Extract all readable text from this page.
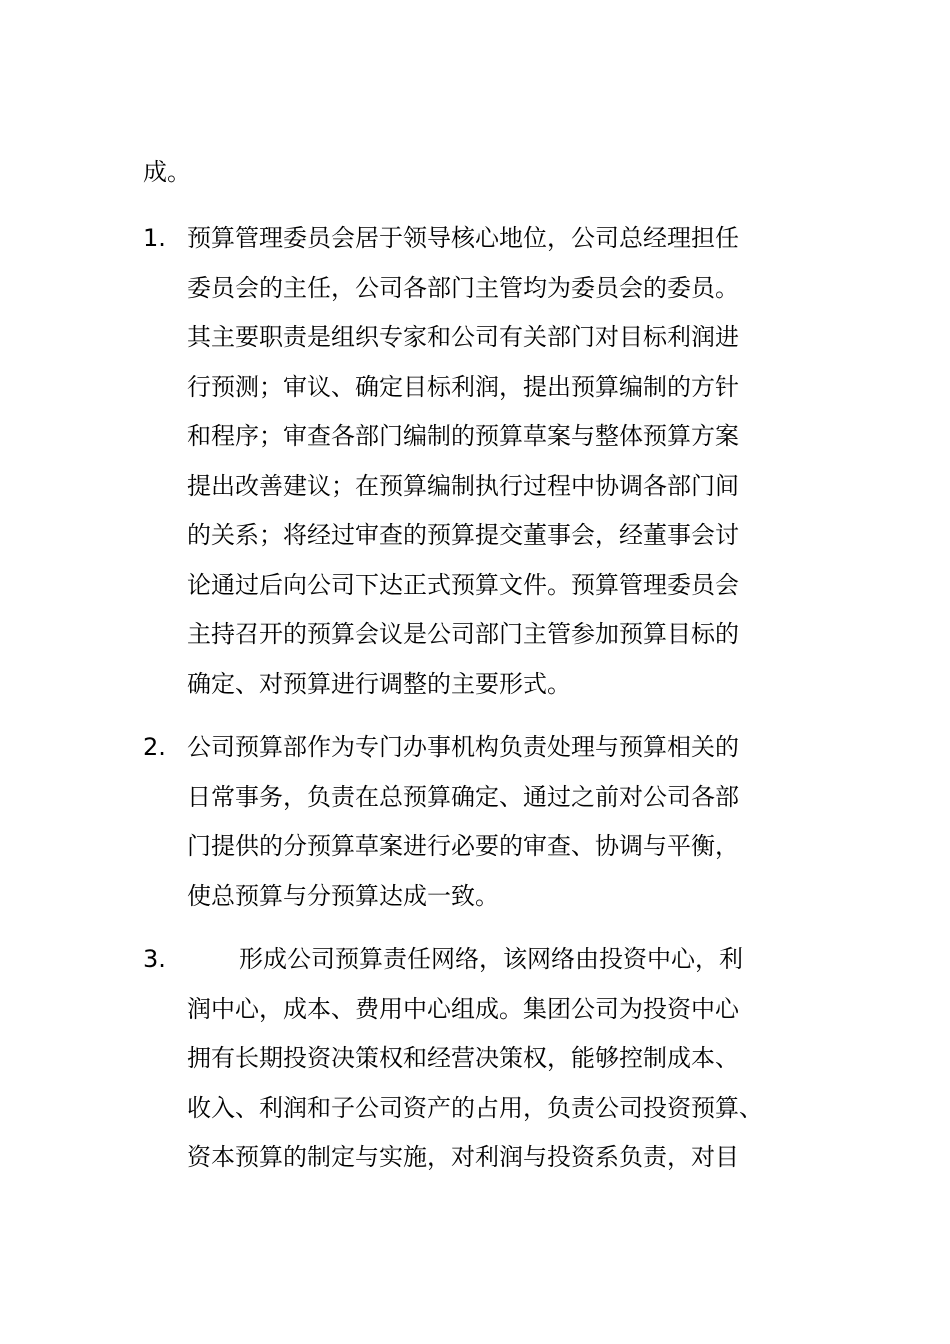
成。

1. 预算管理委员会居于领导核心地位，公司总经理担任

委员会的主任，公司各部门主管均为委员会的委员。

其主要职责是组织专家和公司有关部门对目标利润进

行预测；审议、确定目标利润，提出预算编制的方针

和程序；审查各部门编制的预算草案与整体预算方案

提出改善建议；在预算编制执行过程中协调各部门间

的关系；将经过审查的预算提交董事会，经董事会讨

论通过后向公司下达正式预算文件。预算管理委员会

主持召开的预算会议是公司部门主管参加预算目标的

确定、对预算进行调整的主要形式。

2. 公司预算部作为专门办事机构负责处理与预算相关的

日常事务，负责在总预算确定、通过之前对公司各部

门提供的分预算草案进行必要的审查、协调与平衡，

使总预算与分预算达成一致。

3.	形成公司预算责任网络，该网络由投资中心，利

润中心，成本、费用中心组成。集团公司为投资中心

拥有长期投资决策权和经营决策权，能够控制成本、

收入、利润和子公司资产的占用，负责公司投资预算、

资本预算的制定与实施，对利润与投资系负责，对目
